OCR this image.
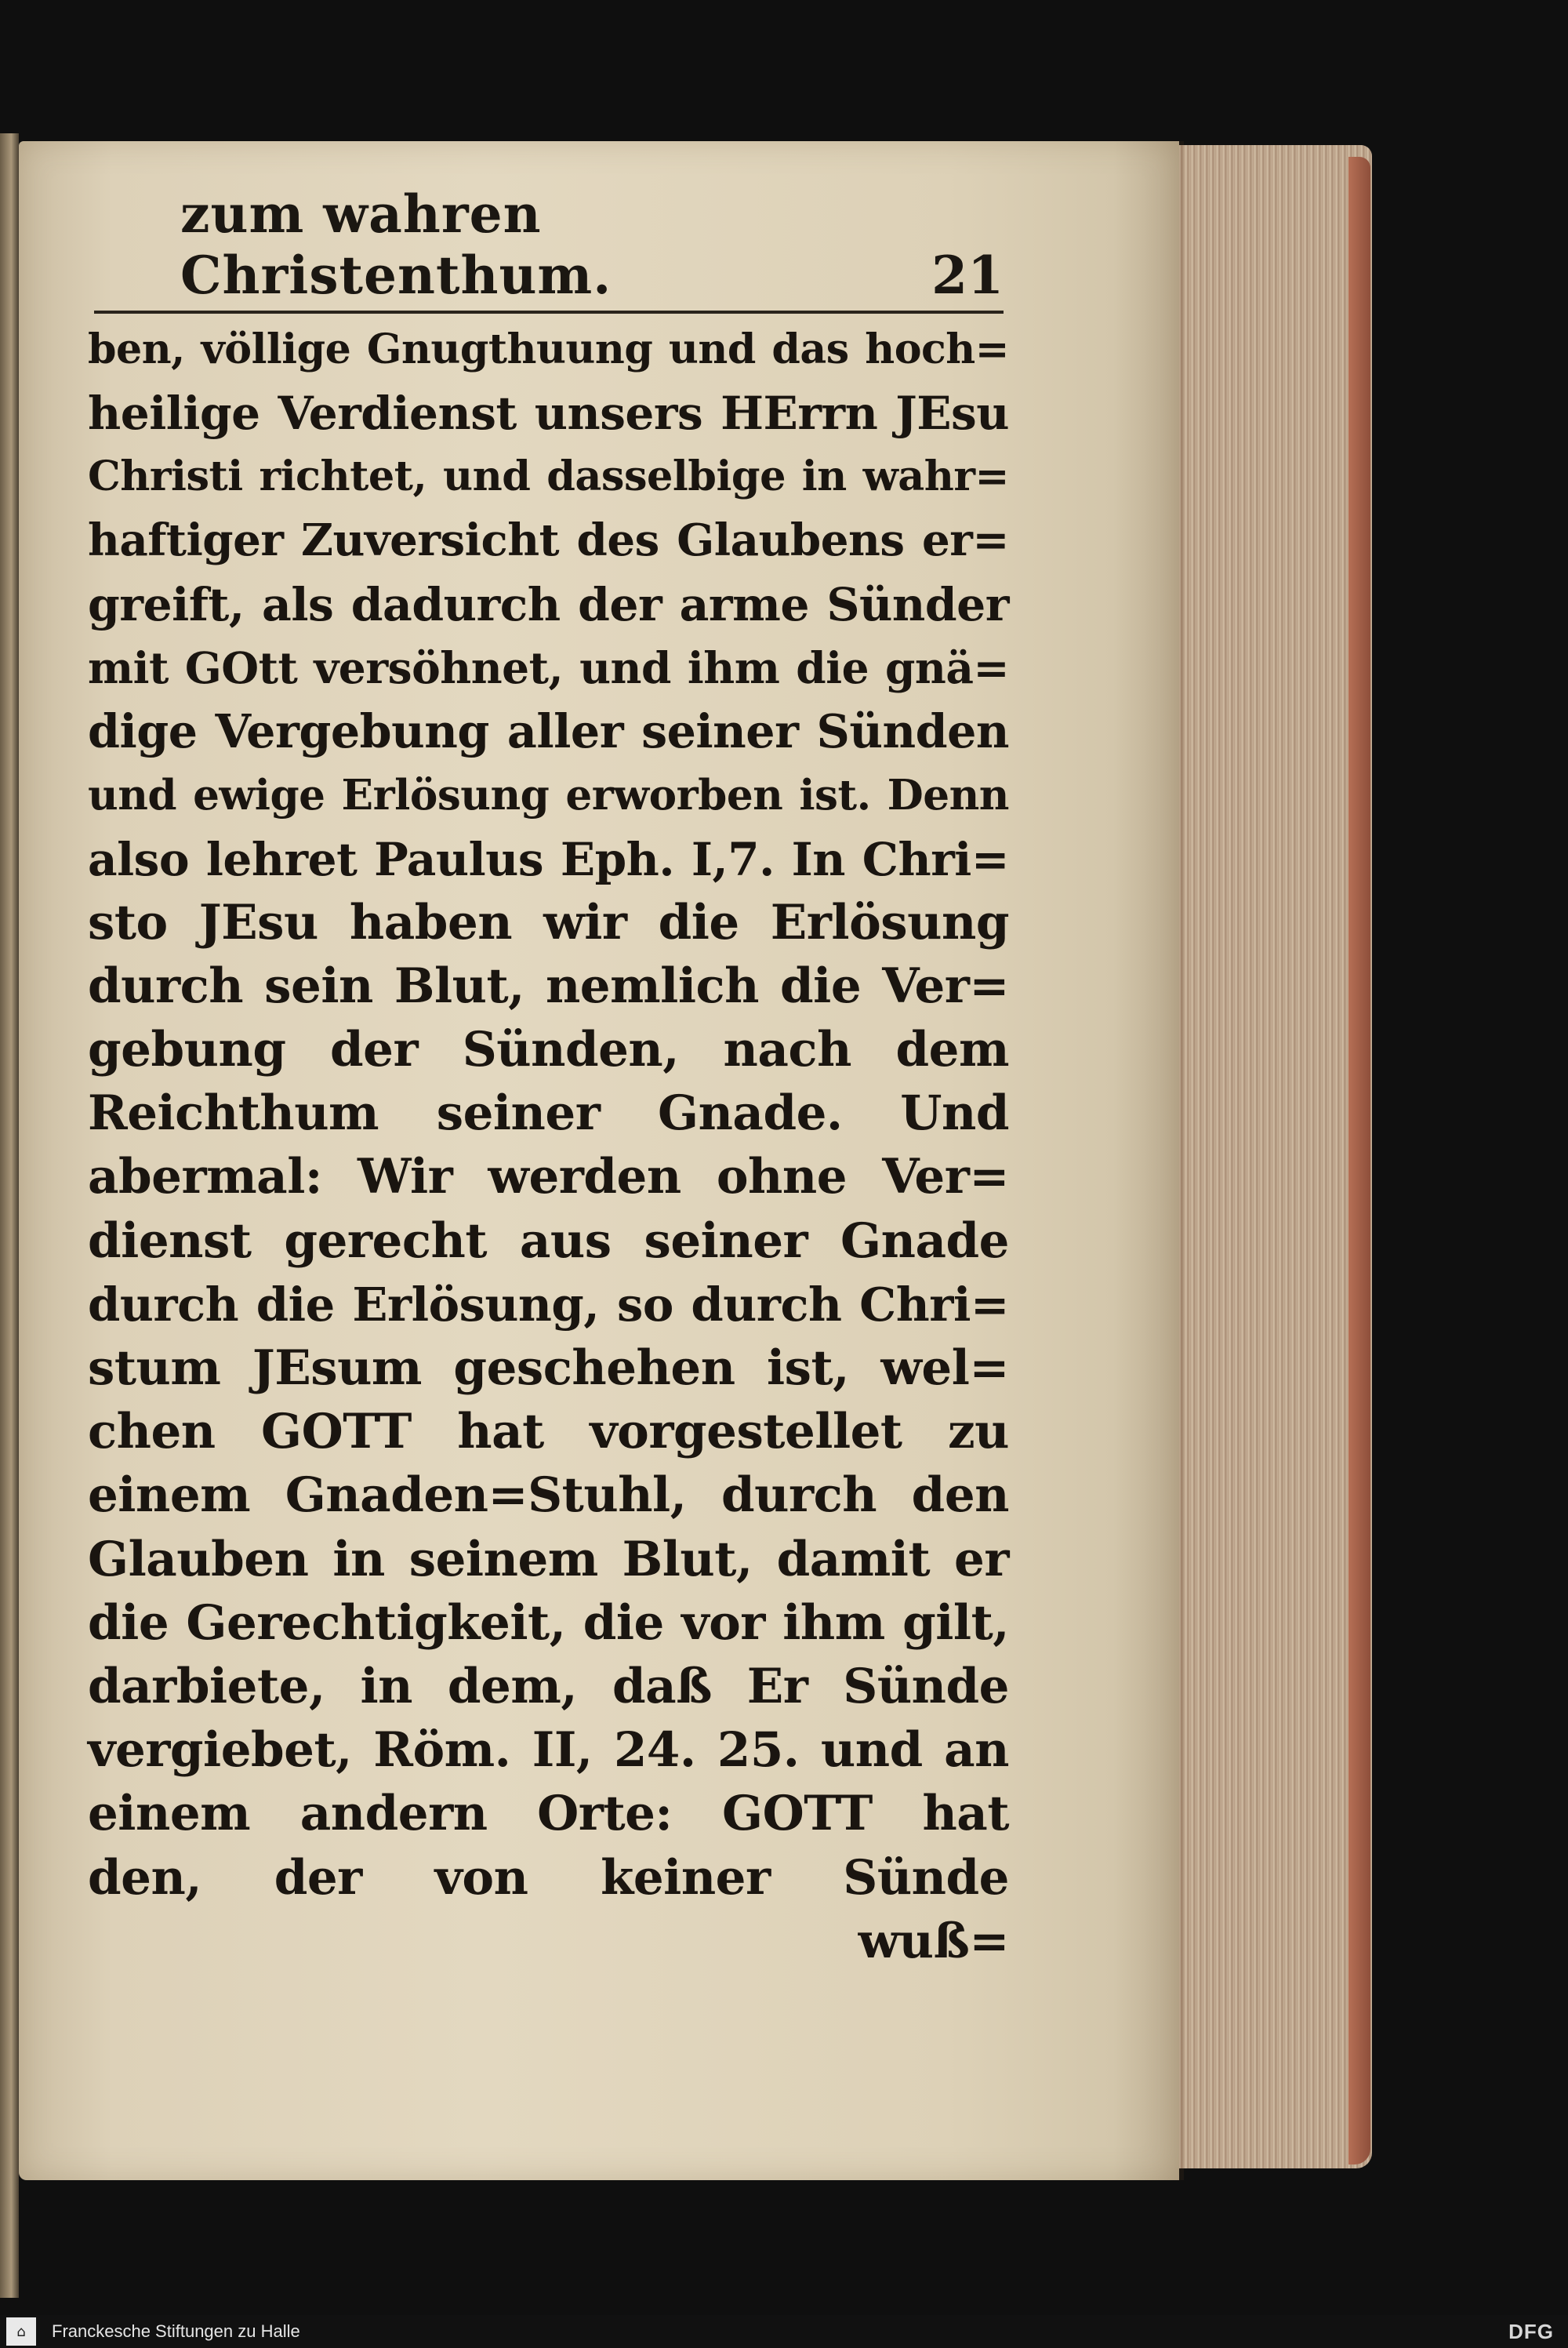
zum wahren Christenthum.	21
ben, völlige Gnugthuung und das hoch=
heilige Verdienst unsers HErrn JEsu
Christi richtet, und dasselbige in wahr=
haftiger Zuversicht des Glaubens er=
greift, als dadurch der arme Sünder
mit GOtt versöhnet, und ihm die gnä=
dige Vergebung aller seiner Sünden
und ewige Erlösung erworben ist. Denn
also lehret Paulus Eph. I,7. In Chri=
sto JEsu haben wir die Erlösung
durch sein Blut, nemlich die Ver=
gebung der Sünden, nach dem
Reichthum seiner Gnade. Und
abermal: Wir werden ohne Ver=
dienst gerecht aus seiner Gnade
durch die Erlösung, so durch Chri=
stum JEsum geschehen ist, wel=
chen GOTT hat vorgestellet zu
einem Gnaden=Stuhl, durch den
Glauben in seinem Blut, damit er
die Gerechtigkeit, die vor ihm gilt,
darbiete, in dem, daß Er Sünde
vergiebet, Röm. II, 24. 25. und an
einem andern Orte: GOTT hat
den, der von keiner Sünde
wuß=
⌂ Franckesche Stiftungen zu Halle	DFG
